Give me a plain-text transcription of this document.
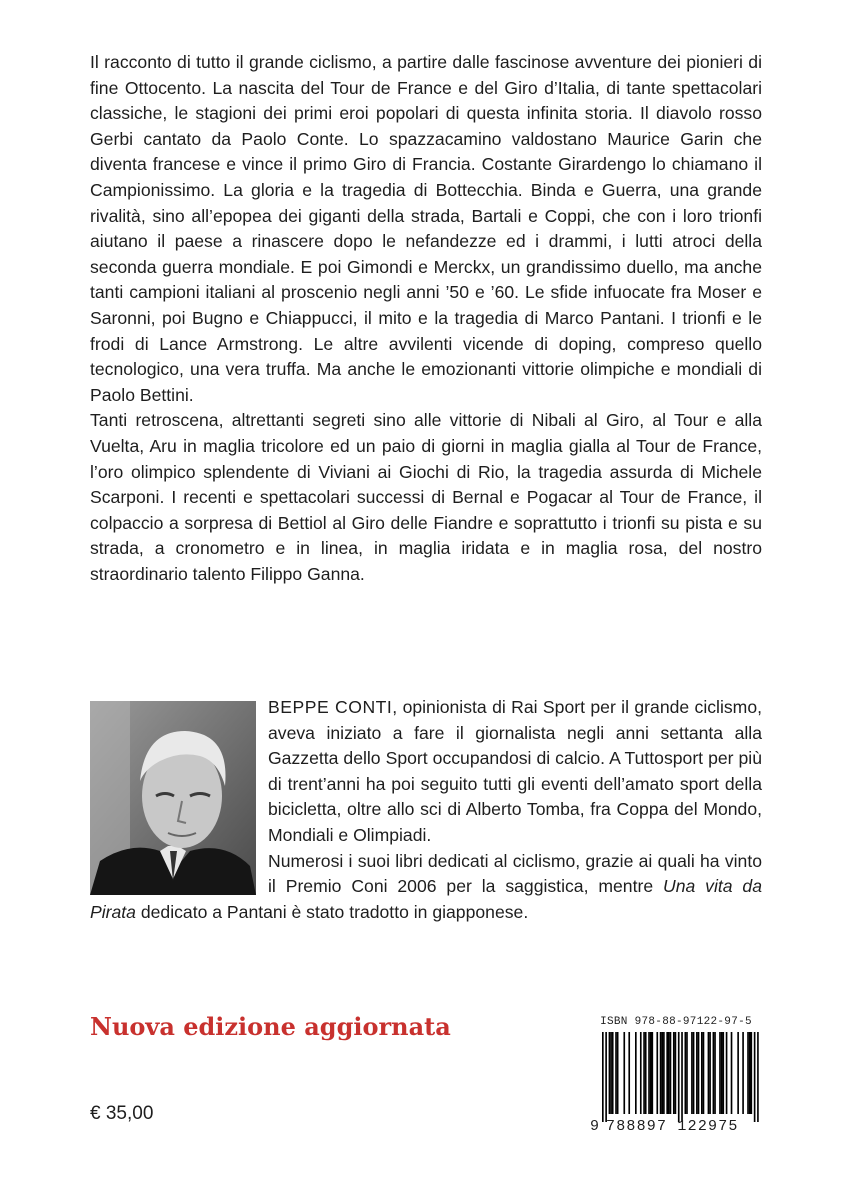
Il racconto di tutto il grande ciclismo, a partire dalle fascinose avventure dei pionieri di fine Ottocento. La nascita del Tour de France e del Giro d’Italia, di tante spettacolari classiche, le stagioni dei primi eroi popolari di questa infinita storia. Il diavolo rosso Gerbi cantato da Paolo Conte. Lo spazzacamino valdostano Maurice Garin che diventa francese e vince il primo Giro di Francia. Costante Girardengo lo chiamano il Campionissimo. La gloria e la tragedia di Bottecchia. Binda e Guerra, una grande rivalità, sino all’epopea dei giganti della strada, Bartali e Coppi, che con i loro trionfi aiutano il paese a rinascere dopo le nefandezze ed i drammi, i lutti atroci della seconda guerra mondiale. E poi Gimondi e Merckx, un grandissimo duello, ma anche tanti campioni italiani al proscenio negli anni ’50 e ’60. Le sfide infuocate fra Moser e Saronni, poi Bugno e Chiappucci, il mito e la tragedia di Marco Pantani. I trionfi e le frodi di Lance Armstrong. Le altre avvilenti vicende di doping, compreso quello tecnologico, una vera truffa. Ma anche le emozionanti vittorie olimpiche e mondiali di Paolo Bettini.

Tanti retroscena, altrettanti segreti sino alle vittorie di Nibali al Giro, al Tour e alla Vuelta, Aru in maglia tricolore ed un paio di giorni in maglia gialla al Tour de France, l’oro olimpico splendente di Viviani ai Giochi di Rio, la tragedia assurda di Michele Scarponi. I recenti e spettacolari successi di Bernal e Pogacar al Tour de France, il colpaccio a sorpresa di Bettiol al Giro delle Fiandre e soprattutto i trionfi su pista e su strada, a cronometro e in linea, in maglia iridata e in maglia rosa, del nostro straordinario talento Filippo Ganna.

BEPPE CONTI, opinionista di Rai Sport per il grande ciclismo, aveva iniziato a fare il giornalista negli anni settanta alla Gazzetta dello Sport occupandosi di calcio. A Tuttosport per più di trent’anni ha poi seguito tutti gli eventi dell’amato sport della bicicletta, oltre allo sci di Alberto Tomba, fra Coppa del Mondo, Mondiali e Olimpiadi.

Numerosi i suoi libri dedicati al ciclismo, grazie ai quali ha vinto il Premio Coni 2006 per la saggistica, mentre Una vita da Pirata dedicato a Pantani è stato tradotto in giapponese.

Nuova edizione aggiornata

€ 35,00

ISBN 978-88-97122-97-5
9 788897 122975
